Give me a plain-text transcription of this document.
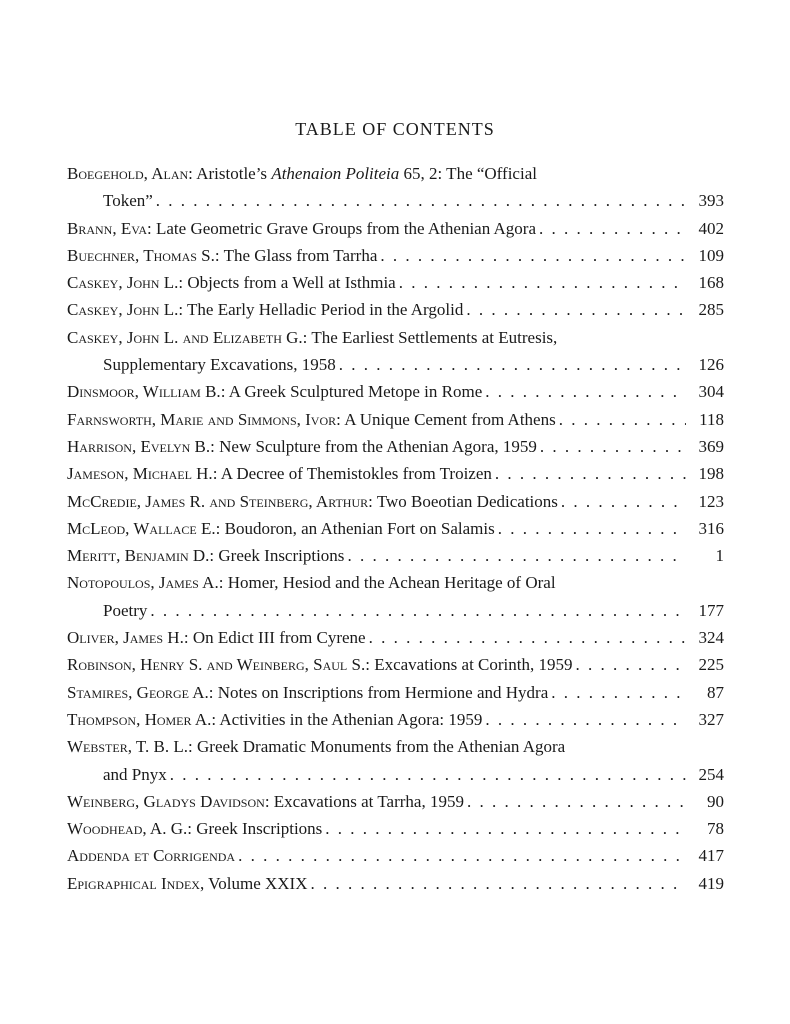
TABLE OF CONTENTS
Boegehold, Alan: Aristotle’s Athenaion Politeia 65, 2: The “Official
Token” . . .	393
Brann, Eva: Late Geometric Grave Groups from the Athenian Agora . . .	402
Buechner, Thomas S.: The Glass from Tarrha . . .	109
Caskey, John L.: Objects from a Well at Isthmia . . .	168
Caskey, John L.: The Early Helladic Period in the Argolid . . .	285
Caskey, John L. and Elizabeth G.: The Earliest Settlements at Eutresis,
Supplementary Excavations, 1958 . . .	126
Dinsmoor, William B.: A Greek Sculptured Metope in Rome . . .	304
Farnsworth, Marie and Simmons, Ivor: A Unique Cement from Athens . . .	118
Harrison, Evelyn B.: New Sculpture from the Athenian Agora, 1959 . . .	369
Jameson, Michael H.: A Decree of Themistokles from Troizen . . .	198
McCredie, James R. and Steinberg, Arthur: Two Boeotian Dedications . . .	123
McLeod, Wallace E.: Boudoron, an Athenian Fort on Salamis . . .	316
Meritt, Benjamin D.: Greek Inscriptions . . .	1
Notopoulos, James A.: Homer, Hesiod and the Achean Heritage of Oral
Poetry . . .	177
Oliver, James H.: On Edict III from Cyrene . . .	324
Robinson, Henry S. and Weinberg, Saul S.: Excavations at Corinth, 1959 . . .	225
Stamires, George A.: Notes on Inscriptions from Hermione and Hydra . . .	87
Thompson, Homer A.: Activities in the Athenian Agora: 1959 . . .	327
Webster, T. B. L.: Greek Dramatic Monuments from the Athenian Agora
and Pnyx . . .	254
Weinberg, Gladys Davidson: Excavations at Tarrha, 1959 . . .	90
Woodhead, A. G.: Greek Inscriptions . . .	78
Addenda et Corrigenda . . .	417
Epigraphical Index, Volume XXIX . . .	419
